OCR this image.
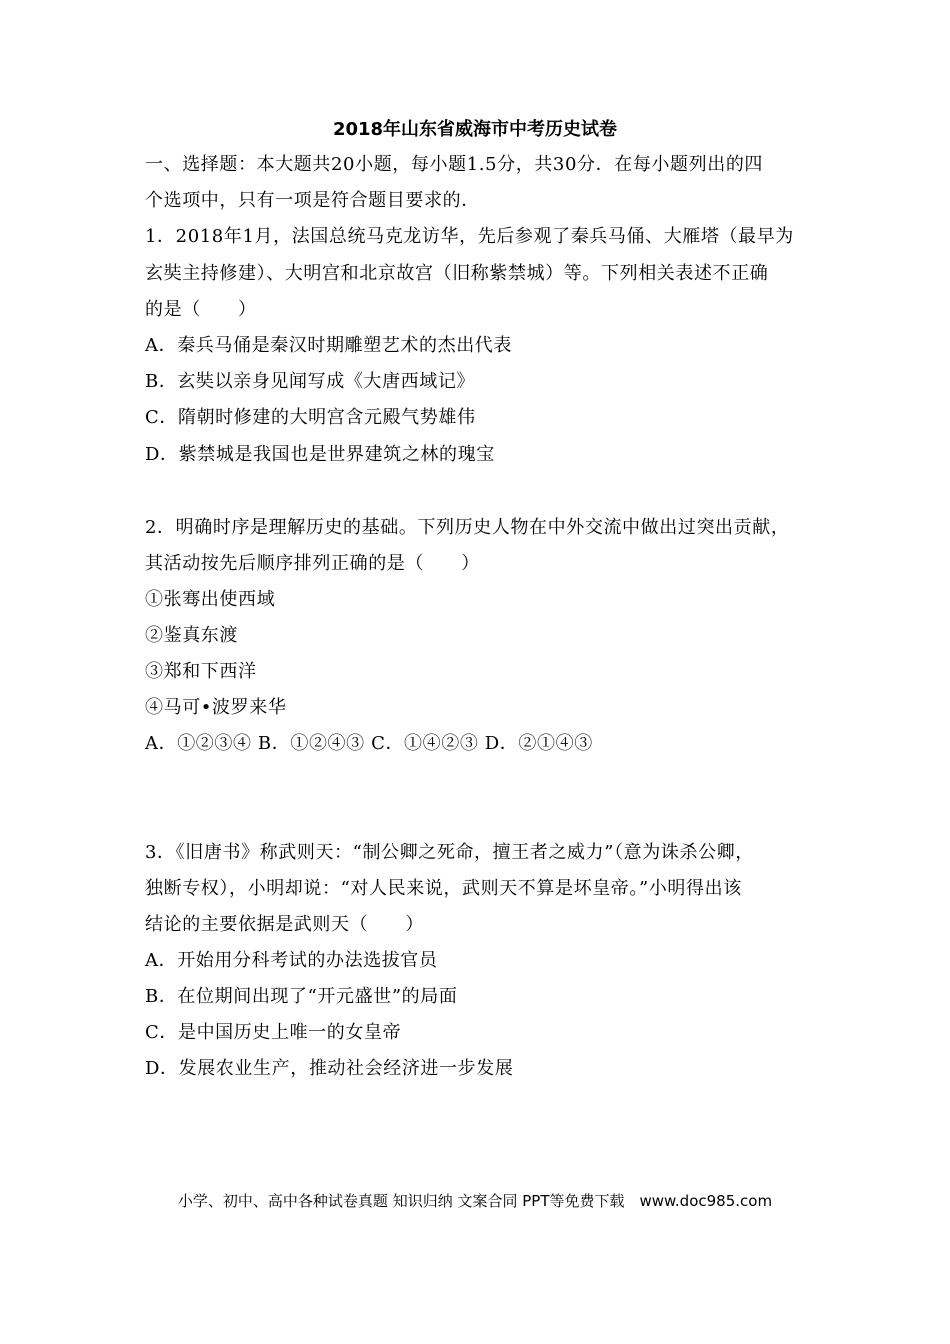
2018年山东省威海市中考历史试卷
一、选择题：本大题共20小题，每小题1.5分，共30分．在每小题列出的四
个选项中，只有一项是符合题目要求的．
1．2018年1月，法国总统马克龙访华，先后参观了秦兵马俑、大雁塔（最早为
玄奘主持修建）、大明宫和北京故宫（旧称紫禁城）等。下列相关表述不正确
的是（　　）
A．秦兵马俑是秦汉时期雕塑艺术的杰出代表
B．玄奘以亲身见闻写成《大唐西域记》
C．隋朝时修建的大明宫含元殿气势雄伟
D．紫禁城是我国也是世界建筑之林的瑰宝
2．明确时序是理解历史的基础。下列历史人物在中外交流中做出过突出贡献，
其活动按先后顺序排列正确的是（　　）
①张骞出使西域
②鉴真东渡
③郑和下西洋
④马可•波罗来华
A．①②③④ B．①②④③ C．①④②③ D．②①④③
3．《旧唐书》称武则天：“制公卿之死命，擅王者之威力”（意为诛杀公卿，
独断专权），小明却说：“对人民来说，武则天不算是坏皇帝。”小明得出该
结论的主要依据是武则天（　　）
A．开始用分科考试的办法选拔官员
B．在位期间出现了“开元盛世”的局面
C．是中国历史上唯一的女皇帝
D．发展农业生产，推动社会经济进一步发展
小学、初中、高中各种试卷真题 知识归纳 文案合同 PPT等免费下载　www.doc985.com
